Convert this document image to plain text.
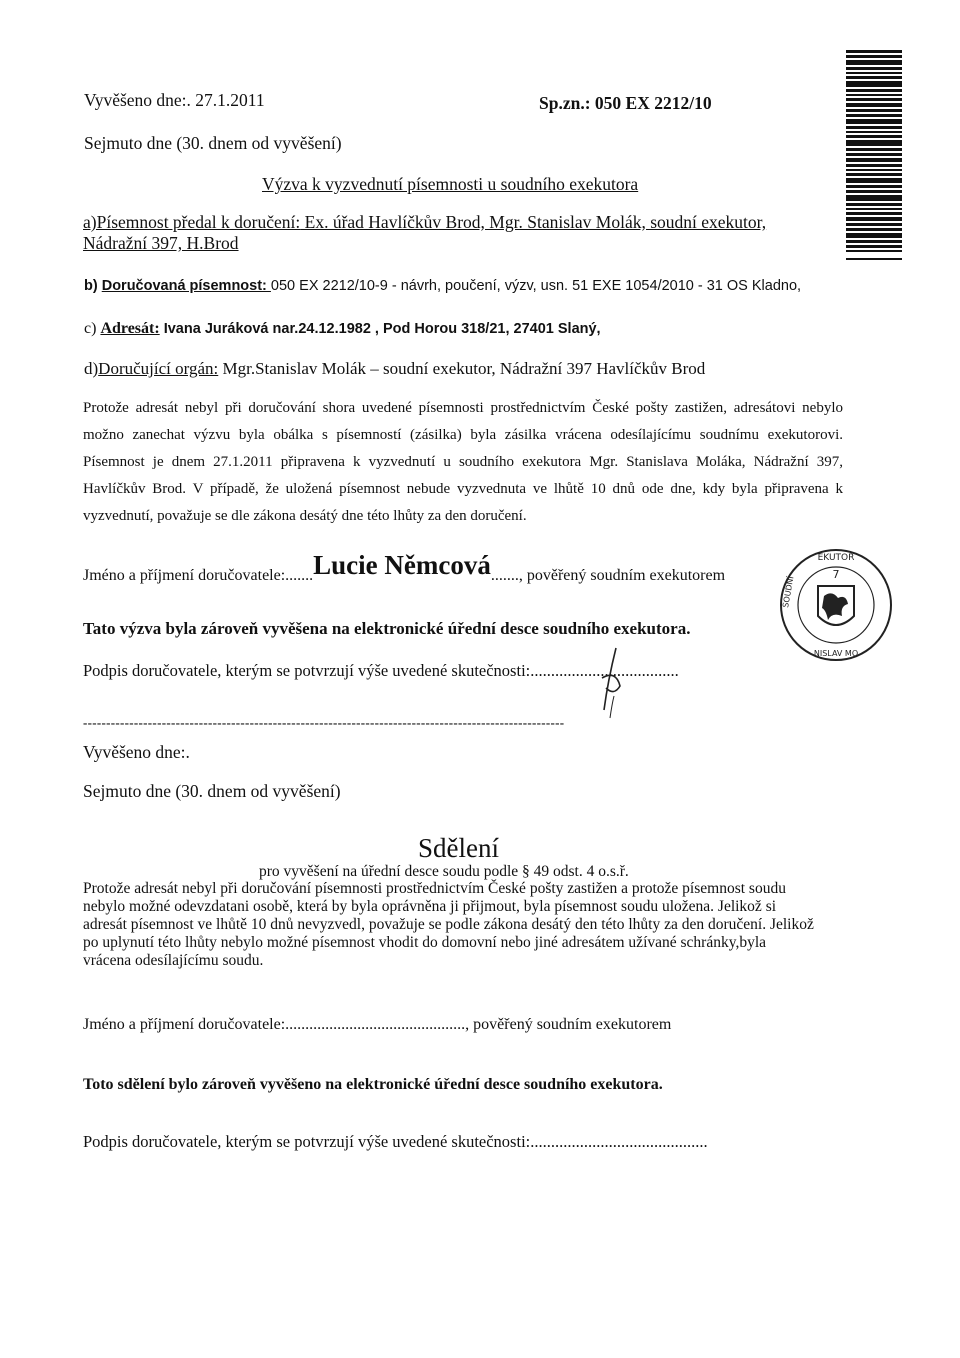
Vyvěšeno dne:. 27.1.2011	Sp.zn.: 050 EX 2212/10
Sejmuto dne (30. dnem od vyvěšení)
Výzva k vyzvednutí písemnosti u soudního exekutora
a)Písemnost předal k doručení: Ex. úřad Havlíčkův Brod, Mgr. Stanislav Molák, soudní exekutor,
Nádražní 397, H.Brod
b) Doručovaná písemnost: 050 EX 2212/10-9 - návrh, poučení, výzv, usn. 51 EXE 1054/2010 - 31 OS Kladno,
c) Adresát: Ivana Juráková nar.24.12.1982 , Pod Horou 318/21, 27401 Slaný,
d)Doručující orgán: Mgr.Stanislav Molák – soudní exekutor, Nádražní 397 Havlíčkův Brod
Protože adresát nebyl při doručování shora uvedené písemnosti prostřednictvím České pošty zastižen, adresátovi nebylo možno zanechat výzvu byla obálka s písemností (zásilka) byla zásilka vrácena odesílajícímu soudnímu exekutorovi. Písemnost je dnem 27.1.2011 připravena k vyzvednutí u soudního exekutora Mgr. Stanislava Moláka, Nádražní 397, Havlíčkův Brod. V případě, že uložená písemnost nebude vyzvednuta ve lhůtě 10 dnů ode dne, kdy byla připravena k vyzvednutí, považuje se dle zákona desátý dne této lhůty za den doručení.
Jméno a příjmení doručovatele:.......Lucie Němcová......., pověřený soudním exekutorem	7
EKUTOR
SOUDNÍ
NISLAV MO
Tato výzva byla zároveň vyvěšena na elektronické úřední desce soudního exekutora.
Podpis doručovatele, kterým se potvrzují výše uvedené skutečnosti:....................................
--------------------------------------------------------------------------------------------------------
Vyvěšeno dne:.
Sejmuto dne (30. dnem od vyvěšení)
Sdělení
pro vyvěšení na úřední desce soudu podle § 49 odst. 4 o.s.ř.
Protože adresát nebyl při doručování písemnosti prostřednictvím České pošty zastižen a protože písemnost soudu nebylo možné odevzdatani osobě, která by byla oprávněna ji přijmout, byla písemnost soudu uložena. Jelikož si adresát písemnost ve lhůtě 10 dnů nevyzvedl, považuje se podle zákona desátý den této lhůty za den doručení. Jelikož po uplynutí této lhůty nebylo možné písemnost vhodit do domovní nebo jiné adresátem užívané schránky,byla vrácena odesílajícímu soudu.
Jméno a příjmení doručovatele:............................................., pověřený soudním exekutorem
Toto sdělení bylo zároveň vyvěšeno na elektronické úřední desce soudního exekutora.
Podpis doručovatele, kterým se potvrzují výše uvedené skutečnosti:...........................................
